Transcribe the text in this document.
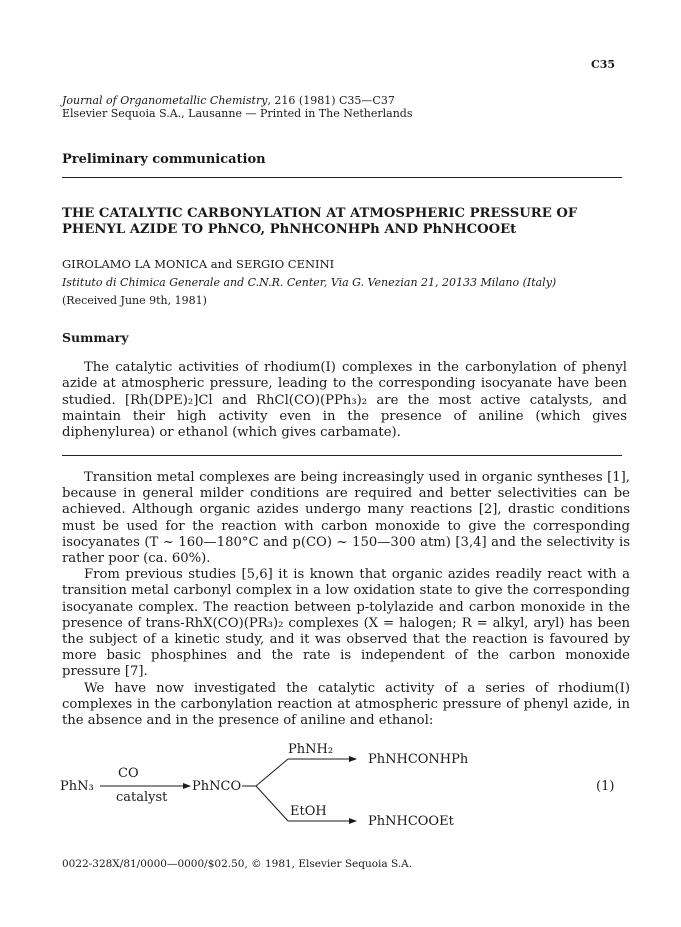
C35
Journal of Organometallic Chemistry, 216 (1981) C35—C37
Elsevier Sequoia S.A., Lausanne — Printed in The Netherlands
Preliminary communication
THE CATALYTIC CARBONYLATION AT ATMOSPHERIC PRESSURE OF PHENYL AZIDE TO PhNCO, PhNHCONHPh AND PhNHCOOEt
GIROLAMO LA MONICA and SERGIO CENINI
Istituto di Chimica Generale and C.N.R. Center, Via G. Venezian 21, 20133 Milano (Italy)
(Received June 9th, 1981)
Summary

The catalytic activities of rhodium(I) complexes in the carbonylation of phenyl azide at atmospheric pressure, leading to the corresponding isocyanate have been studied. [Rh(DPE)₂]Cl and RhCl(CO)(PPh₃)₂ are the most active catalysts, and maintain their high activity even in the presence of aniline (which gives diphenylurea) or ethanol (which gives carbamate).

Transition metal complexes are being increasingly used in organic syntheses [1], because in general milder conditions are required and better selectivities can be achieved. Although organic azides undergo many reactions [2], drastic conditions must be used for the reaction with carbon monoxide to give the corresponding isocyanates (T ~ 160—180°C and p(CO) ~ 150—300 atm) [3,4] and the selectivity is rather poor (ca. 60%).

From previous studies [5,6] it is known that organic azides readily react with a transition metal carbonyl complex in a low oxidation state to give the corresponding isocyanate complex. The reaction between p-tolylazide and carbon monoxide in the presence of trans-RhX(CO)(PR₃)₂ complexes (X = halogen; R = alkyl, aryl) has been the subject of a kinetic study, and it was observed that the reaction is favoured by more basic phosphines and the rate is independent of the carbon monoxide pressure [7].

We have now investigated the catalytic activity of a series of rhodium(I) complexes in the carbonylation reaction at atmospheric pressure of phenyl azide, in the absence and in the presence of aniline and ethanol:

PhN₃
CO
catalyst
PhNCO
PhNH₂
PhNHCONHPh
EtOH
PhNHCOOEt
(1)
0022-328X/81/0000—0000/$02.50, © 1981, Elsevier Sequoia S.A.
